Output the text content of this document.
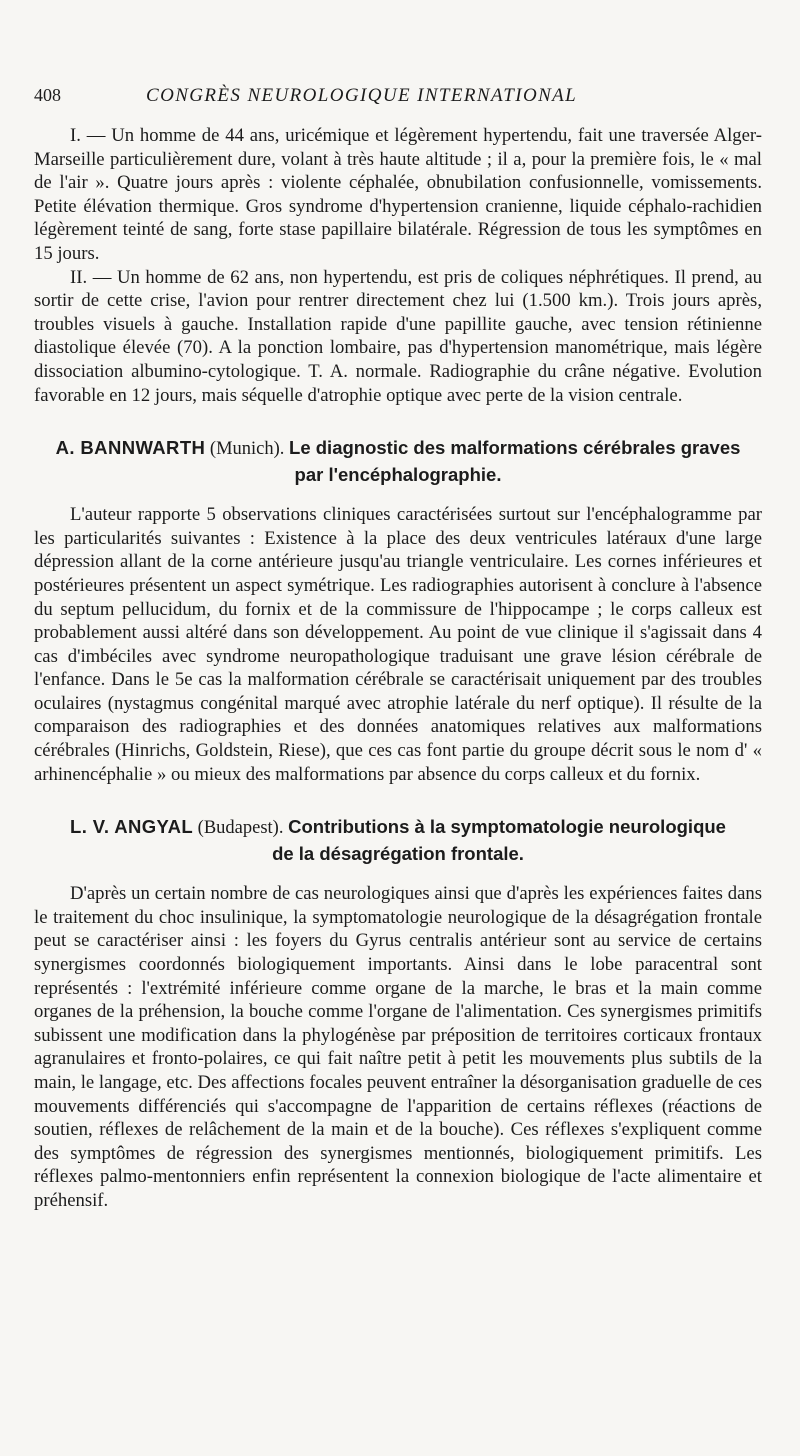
408	CONGRÈS NEUROLOGIQUE INTERNATIONAL

I. — Un homme de 44 ans, uricémique et légèrement hypertendu, fait une traversée Alger-Marseille particulièrement dure, volant à très haute altitude ; il a, pour la première fois, le « mal de l'air ». Quatre jours après : violente céphalée, obnubilation confusionnelle, vomissements. Petite élévation thermique. Gros syndrome d'hypertension cranienne, liquide céphalo-rachidien légèrement teinté de sang, forte stase papillaire bilatérale. Régression de tous les symptômes en 15 jours.

II. — Un homme de 62 ans, non hypertendu, est pris de coliques néphrétiques. Il prend, au sortir de cette crise, l'avion pour rentrer directement chez lui (1.500 km.). Trois jours après, troubles visuels à gauche. Installation rapide d'une papillite gauche, avec tension rétinienne diastolique élevée (70). A la ponction lombaire, pas d'hypertension manométrique, mais légère dissociation albumino-cytologique. T. A. normale. Radiographie du crâne négative. Evolution favorable en 12 jours, mais séquelle d'atrophie optique avec perte de la vision centrale.

A. BANNWARTH (Munich). Le diagnostic des malformations cérébrales graves
par l'encéphalographie.

L'auteur rapporte 5 observations cliniques caractérisées surtout sur l'encéphalogramme par les particularités suivantes : Existence à la place des deux ventricules latéraux d'une large dépression allant de la corne antérieure jusqu'au triangle ventriculaire. Les cornes inférieures et postérieures présentent un aspect symétrique. Les radiographies autorisent à conclure à l'absence du septum pellucidum, du fornix et de la commissure de l'hippocampe ; le corps calleux est probablement aussi altéré dans son développement. Au point de vue clinique il s'agissait dans 4 cas d'imbéciles avec syndrome neuropathologique traduisant une grave lésion cérébrale de l'enfance. Dans le 5e cas la malformation cérébrale se caractérisait uniquement par des troubles oculaires (nystagmus congénital marqué avec atrophie latérale du nerf optique). Il résulte de la comparaison des radiographies et des données anatomiques relatives aux malformations cérébrales (Hinrichs, Goldstein, Riese), que ces cas font partie du groupe décrit sous le nom d' « arhinencéphalie » ou mieux des malformations par absence du corps calleux et du fornix.

L. V. ANGYAL (Budapest). Contributions à la symptomatologie neurologique
de la désagrégation frontale.

D'après un certain nombre de cas neurologiques ainsi que d'après les expériences faites dans le traitement du choc insulinique, la symptomatologie neurologique de la désagrégation frontale peut se caractériser ainsi : les foyers du Gyrus centralis antérieur sont au service de certains synergismes coordonnés biologiquement importants. Ainsi dans le lobe paracentral sont représentés : l'extrémité inférieure comme organe de la marche, le bras et la main comme organes de la préhension, la bouche comme l'organe de l'alimentation. Ces synergismes primitifs subissent une modification dans la phylogénèse par préposition de territoires corticaux frontaux agranulaires et fronto-polaires, ce qui fait naître petit à petit les mouvements plus subtils de la main, le langage, etc. Des affections focales peuvent entraîner la désorganisation graduelle de ces mouvements différenciés qui s'accompagne de l'apparition de certains réflexes (réactions de soutien, réflexes de relâchement de la main et de la bouche). Ces réflexes s'expliquent comme des symptômes de régression des synergismes mentionnés, biologiquement primitifs. Les réflexes palmo-mentonniers enfin représentent la connexion biologique de l'acte alimentaire et préhensif.
